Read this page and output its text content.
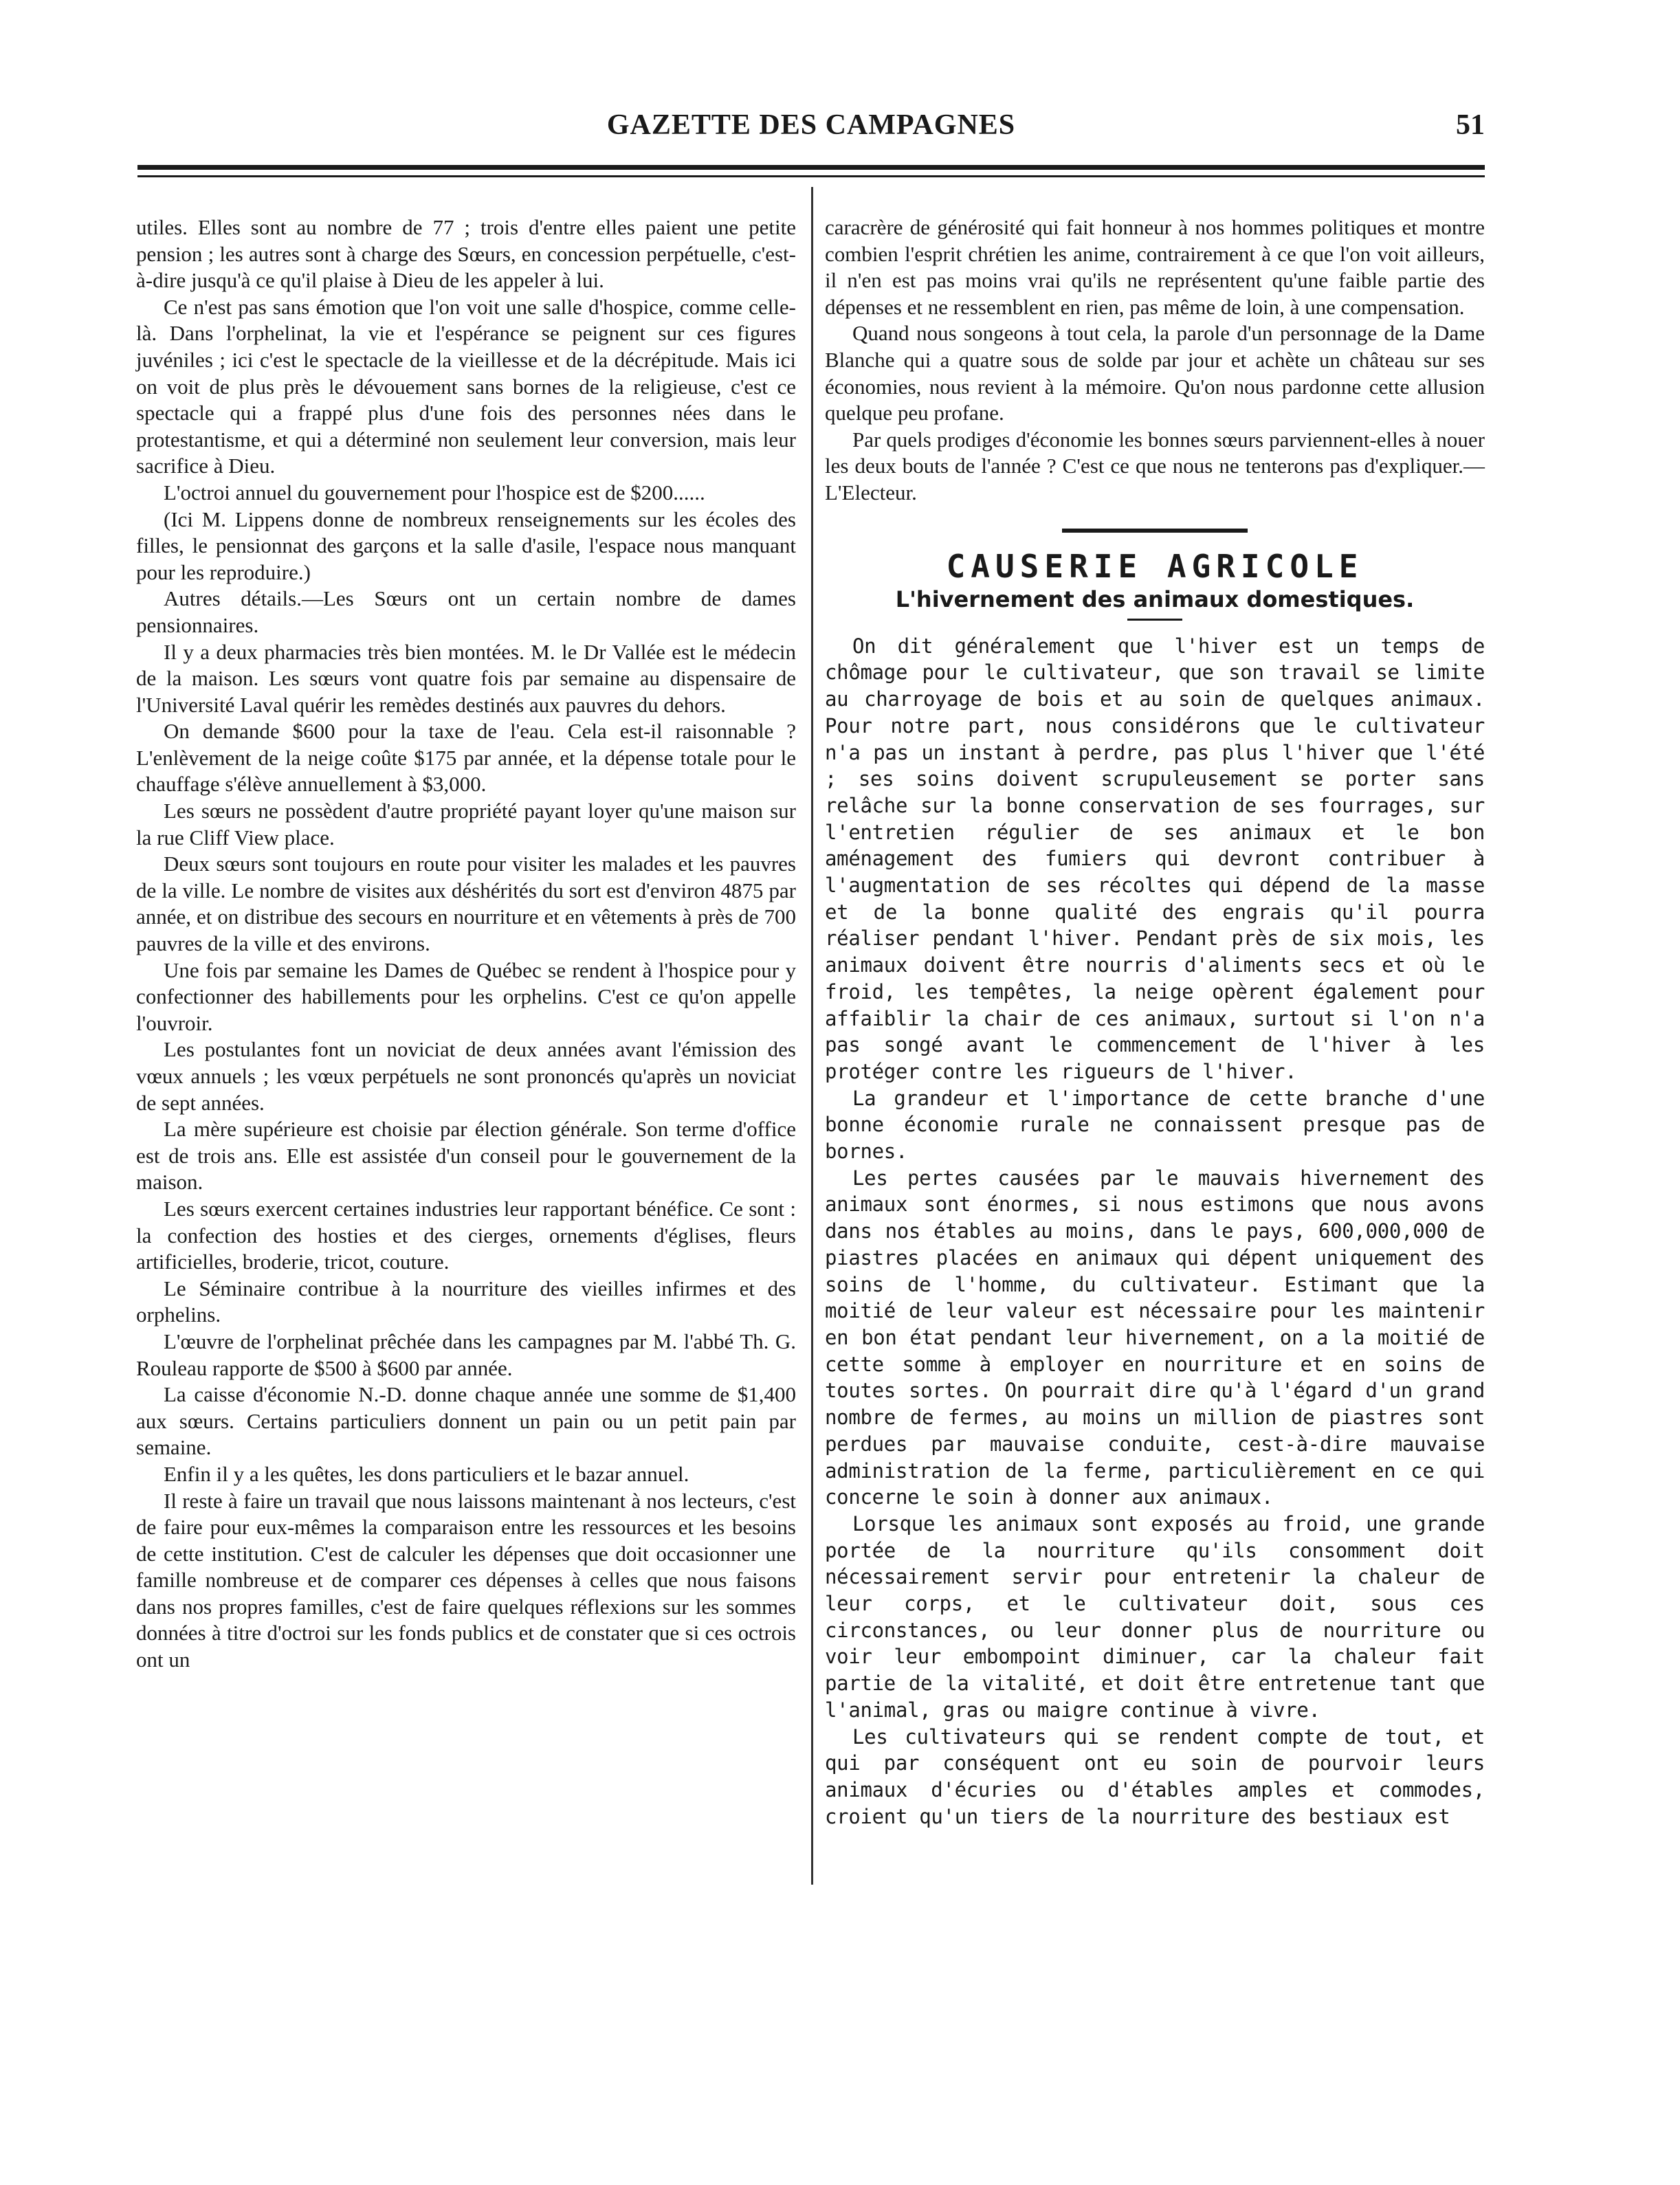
GAZETTE DES CAMPAGNES	51

utiles. Elles sont au nombre de 77 ; trois d'entre elles paient une petite pension ; les autres sont à charge des Sœurs, en concession perpétuelle, c'est-à-dire jusqu'à ce qu'il plaise à Dieu de les appeler à lui.

Ce n'est pas sans émotion que l'on voit une salle d'hospice, comme celle-là. Dans l'orphelinat, la vie et l'espérance se peignent sur ces figures juvéniles ; ici c'est le spectacle de la vieillesse et de la décrépitude. Mais ici on voit de plus près le dévouement sans bornes de la religieuse, c'est ce spectacle qui a frappé plus d'une fois des personnes nées dans le protestantisme, et qui a déterminé non seulement leur conversion, mais leur sacrifice à Dieu.

L'octroi annuel du gouvernement pour l'hospice est de $200......

(Ici M. Lippens donne de nombreux renseignements sur les écoles des filles, le pensionnat des garçons et la salle d'asile, l'espace nous manquant pour les reproduire.)

Autres détails.—Les Sœurs ont un certain nombre de dames pensionnaires.

Il y a deux pharmacies très bien montées. M. le Dr Vallée est le médecin de la maison. Les sœurs vont quatre fois par semaine au dispensaire de l'Université Laval quérir les remèdes destinés aux pauvres du dehors.

On demande $600 pour la taxe de l'eau. Cela est-il raisonnable ? L'enlèvement de la neige coûte $175 par année, et la dépense totale pour le chauffage s'élève annuellement à $3,000.

Les sœurs ne possèdent d'autre propriété payant loyer qu'une maison sur la rue Cliff View place.

Deux sœurs sont toujours en route pour visiter les malades et les pauvres de la ville. Le nombre de visites aux déshérités du sort est d'environ 4875 par année, et on distribue des secours en nourriture et en vêtements à près de 700 pauvres de la ville et des environs.

Une fois par semaine les Dames de Québec se rendent à l'hospice pour y confectionner des habillements pour les orphelins. C'est ce qu'on appelle l'ouvroir.

Les postulantes font un noviciat de deux années avant l'émission des vœux annuels ; les vœux perpétuels ne sont prononcés qu'après un noviciat de sept années.

La mère supérieure est choisie par élection générale. Son terme d'office est de trois ans. Elle est assistée d'un conseil pour le gouvernement de la maison.

Les sœurs exercent certaines industries leur rapportant bénéfice. Ce sont : la confection des hosties et des cierges, ornements d'églises, fleurs artificielles, broderie, tricot, couture.

Le Séminaire contribue à la nourriture des vieilles infirmes et des orphelins.

L'œuvre de l'orphelinat prêchée dans les campagnes par M. l'abbé Th. G. Rouleau rapporte de $500 à $600 par année.

La caisse d'économie N.-D. donne chaque année une somme de $1,400 aux sœurs. Certains particuliers donnent un pain ou un petit pain par semaine.

Enfin il y a les quêtes, les dons particuliers et le bazar annuel.

Il reste à faire un travail que nous laissons maintenant à nos lecteurs, c'est de faire pour eux-mêmes la comparaison entre les ressources et les besoins de cette institution. C'est de calculer les dépenses que doit occasionner une famille nombreuse et de comparer ces dépenses à celles que nous faisons dans nos propres familles, c'est de faire quelques réflexions sur les sommes données à titre d'octroi sur les fonds publics et de constater que si ces octrois ont un

caracrère de générosité qui fait honneur à nos hommes politiques et montre combien l'esprit chrétien les anime, contrairement à ce que l'on voit ailleurs, il n'en est pas moins vrai qu'ils ne représentent qu'une faible partie des dépenses et ne ressemblent en rien, pas même de loin, à une compensation.

Quand nous songeons à tout cela, la parole d'un personnage de la Dame Blanche qui a quatre sous de solde par jour et achète un château sur ses économies, nous revient à la mémoire. Qu'on nous pardonne cette allusion quelque peu profane.

Par quels prodiges d'économie les bonnes sœurs parviennent-elles à nouer les deux bouts de l'année ? C'est ce que nous ne tenterons pas d'expliquer.—L'Electeur.

CAUSERIE AGRICOLE
L'hivernement des animaux domestiques.

On dit généralement que l'hiver est un temps de chômage pour le cultivateur, que son travail se limite au charroyage de bois et au soin de quelques animaux. Pour notre part, nous considérons que le cultivateur n'a pas un instant à perdre, pas plus l'hiver que l'été ; ses soins doivent scrupuleusement se porter sans relâche sur la bonne conservation de ses fourrages, sur l'entretien régulier de ses animaux et le bon aménagement des fumiers qui devront contribuer à l'augmentation de ses récoltes qui dépend de la masse et de la bonne qualité des engrais qu'il pourra réaliser pendant l'hiver. Pendant près de six mois, les animaux doivent être nourris d'aliments secs et où le froid, les tempêtes, la neige opèrent également pour affaiblir la chair de ces animaux, surtout si l'on n'a pas songé avant le commencement de l'hiver à les protéger contre les rigueurs de l'hiver.

La grandeur et l'importance de cette branche d'une bonne économie rurale ne connaissent presque pas de bornes.

Les pertes causées par le mauvais hivernement des animaux sont énormes, si nous estimons que nous avons dans nos étables au moins, dans le pays, 600,000,000 de piastres placées en animaux qui dépent uniquement des soins de l'homme, du cultivateur. Estimant que la moitié de leur valeur est nécessaire pour les maintenir en bon état pendant leur hivernement, on a la moitié de cette somme à employer en nourriture et en soins de toutes sortes. On pourrait dire qu'à l'égard d'un grand nombre de fermes, au moins un million de piastres sont perdues par mauvaise conduite, cest-à-dire mauvaise administration de la ferme, particulièrement en ce qui concerne le soin à donner aux animaux.

Lorsque les animaux sont exposés au froid, une grande portée de la nourriture qu'ils consomment doit nécessairement servir pour entretenir la chaleur de leur corps, et le cultivateur doit, sous ces circonstances, ou leur donner plus de nourriture ou voir leur embompoint diminuer, car la chaleur fait partie de la vitalité, et doit être entretenue tant que l'animal, gras ou maigre continue à vivre.

Les cultivateurs qui se rendent compte de tout, et qui par conséquent ont eu soin de pourvoir leurs animaux d'écuries ou d'étables amples et commodes, croient qu'un tiers de la nourriture des bestiaux est
